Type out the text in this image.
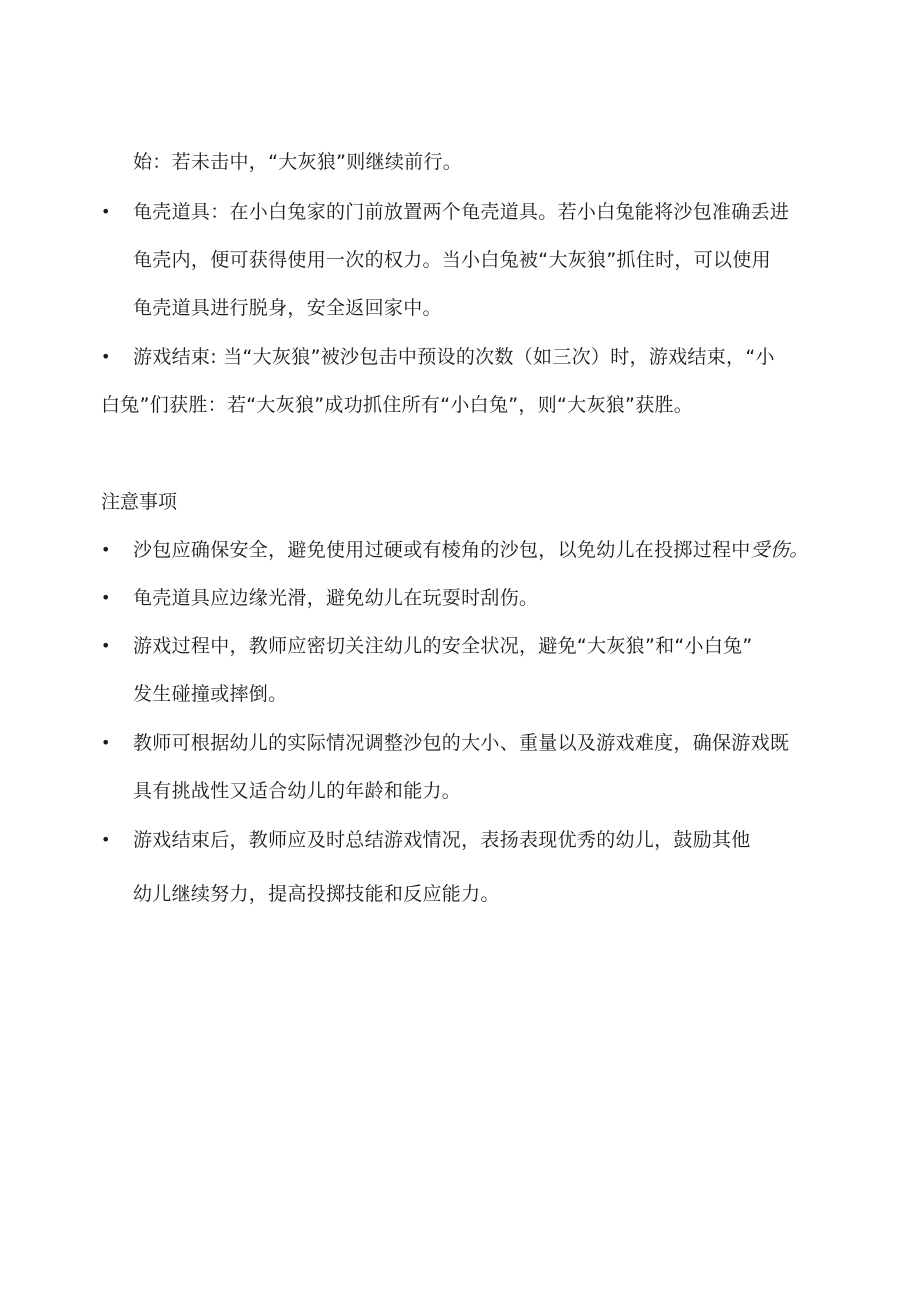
始：若未击中，“大灰狼”则继续前行。
• 龟壳道具：在小白兔家的门前放置两个龟壳道具。若小白兔能将沙包准确丢进
龟壳内，便可获得使用一次的权力。当小白兔被“大灰狼”抓住时，可以使用
龟壳道具进行脱身，安全返回家中。
• 游戏结束: 当“大灰狼”被沙包击中预设的次数（如三次）时，游戏结束，“小
白兔”们获胜：若“大灰狼”成功抓住所有“小白兔”，则“大灰狼”获胜。
注意事项
• 沙包应确保安全，避免使用过硬或有棱角的沙包，以免幼儿在投掷过程中受伤。
• 龟壳道具应边缘光滑，避免幼儿在玩耍时刮伤。
• 游戏过程中，教师应密切关注幼儿的安全状况，避免“大灰狼”和“小白兔”
发生碰撞或摔倒。
• 教师可根据幼儿的实际情况调整沙包的大小、重量以及游戏难度，确保游戏既
具有挑战性又适合幼儿的年龄和能力。
• 游戏结束后，教师应及时总结游戏情况，表扬表现优秀的幼儿，鼓励其他
幼儿继续努力，提高投掷技能和反应能力。
